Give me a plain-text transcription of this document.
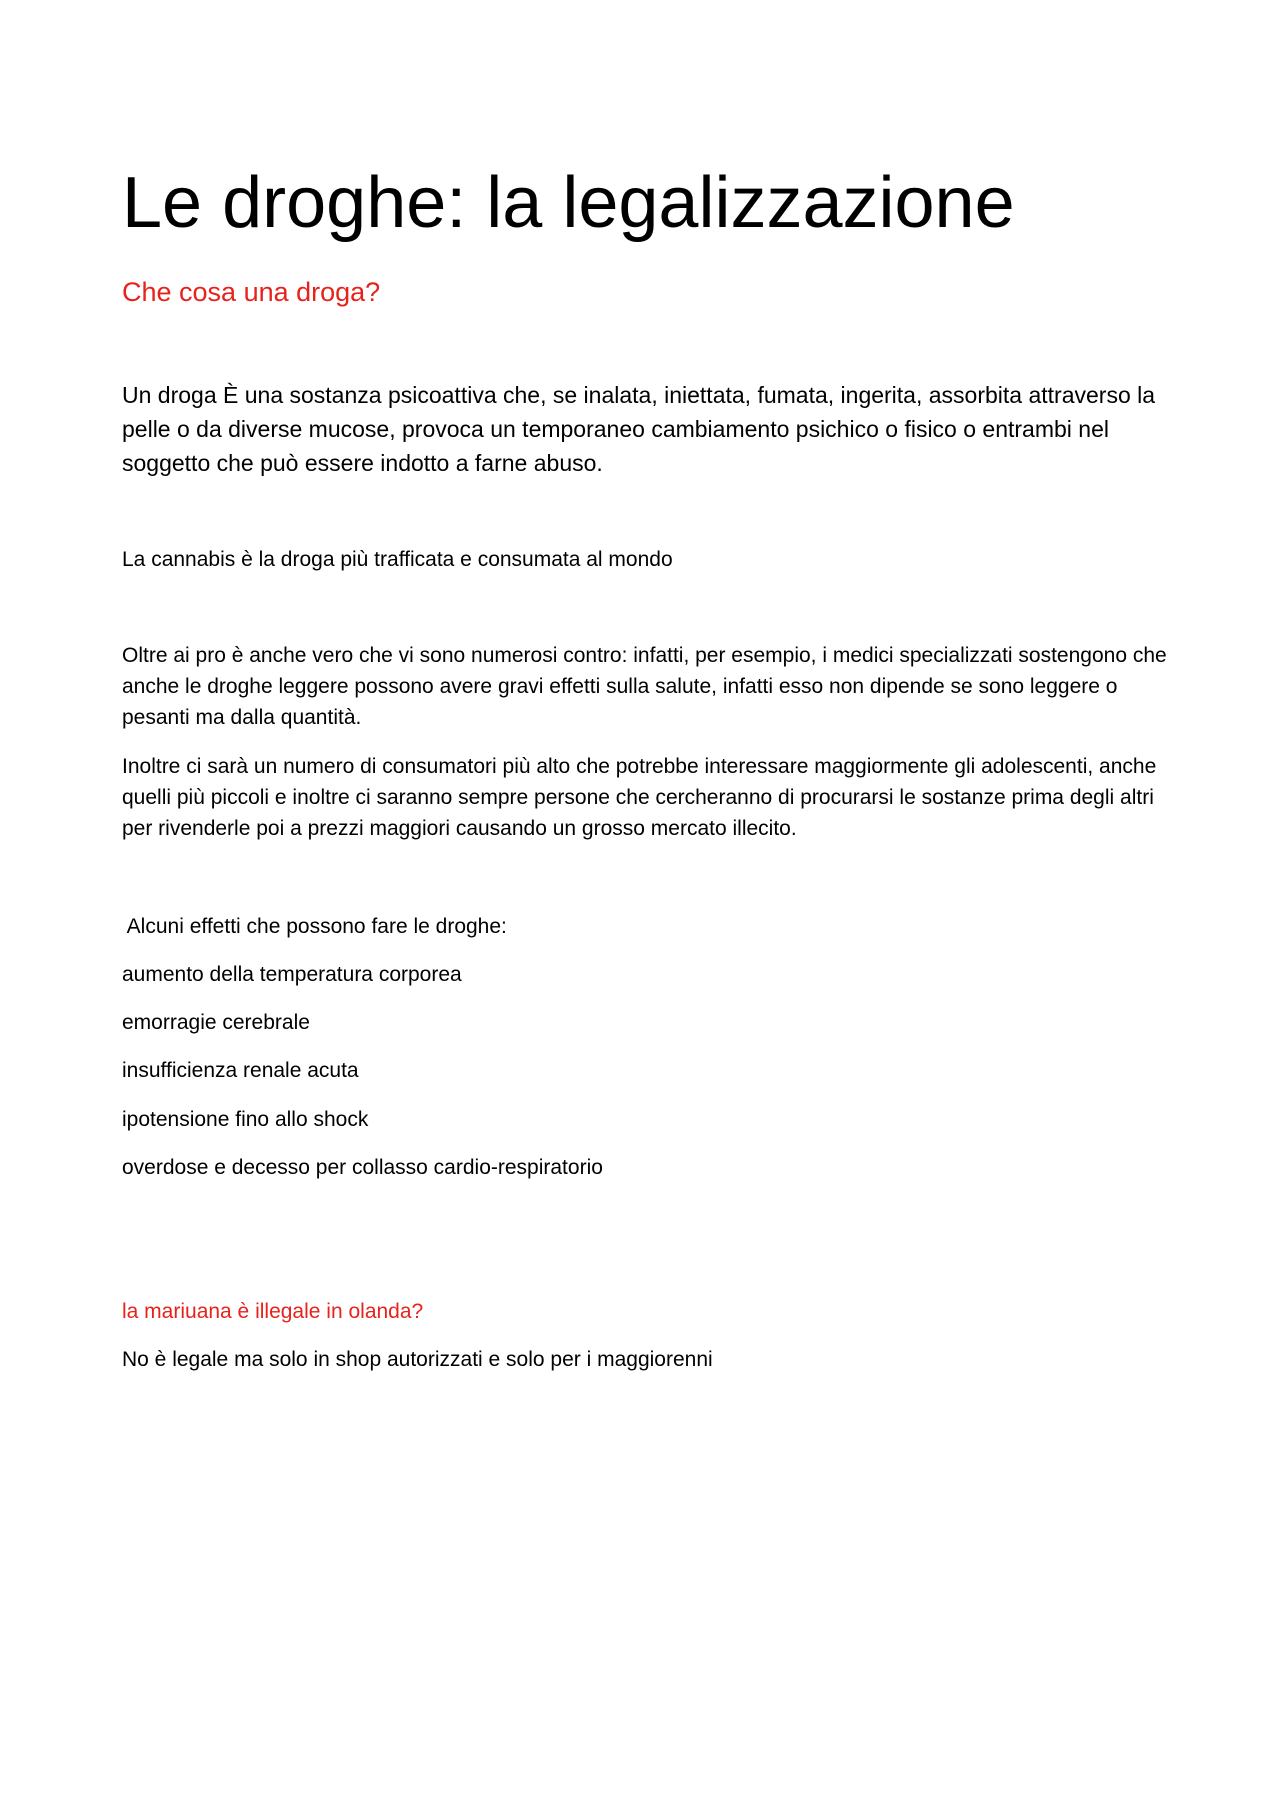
Le droghe: la legalizzazione

Che cosa una droga?

Un droga È una sostanza psicoattiva che, se inalata, iniettata, fumata, ingerita, assorbita attraverso la pelle o da diverse mucose, provoca un temporaneo cambiamento psichico o fisico o entrambi nel soggetto che può essere indotto a farne abuso.

La cannabis è la droga più trafficata e consumata al mondo

Oltre ai pro è anche vero che vi sono numerosi contro: infatti, per esempio, i medici specializzati sostengono che anche le droghe leggere possono avere gravi effetti sulla salute, infatti esso non dipende se sono leggere o pesanti ma dalla quantità.

Inoltre ci sarà un numero di consumatori più alto che potrebbe interessare maggiormente gli adolescenti, anche quelli più piccoli e inoltre ci saranno sempre persone che cercheranno di procurarsi le sostanze prima degli altri per rivenderle poi a prezzi maggiori causando un grosso mercato illecito.

Alcuni effetti che possono fare le droghe:

aumento della temperatura corporea

emorragie cerebrale

insufficienza renale acuta

ipotensione fino allo shock

overdose e decesso per collasso cardio-respiratorio

la mariuana è illegale in olanda?

No è legale ma solo in shop autorizzati e solo per i maggiorenni
